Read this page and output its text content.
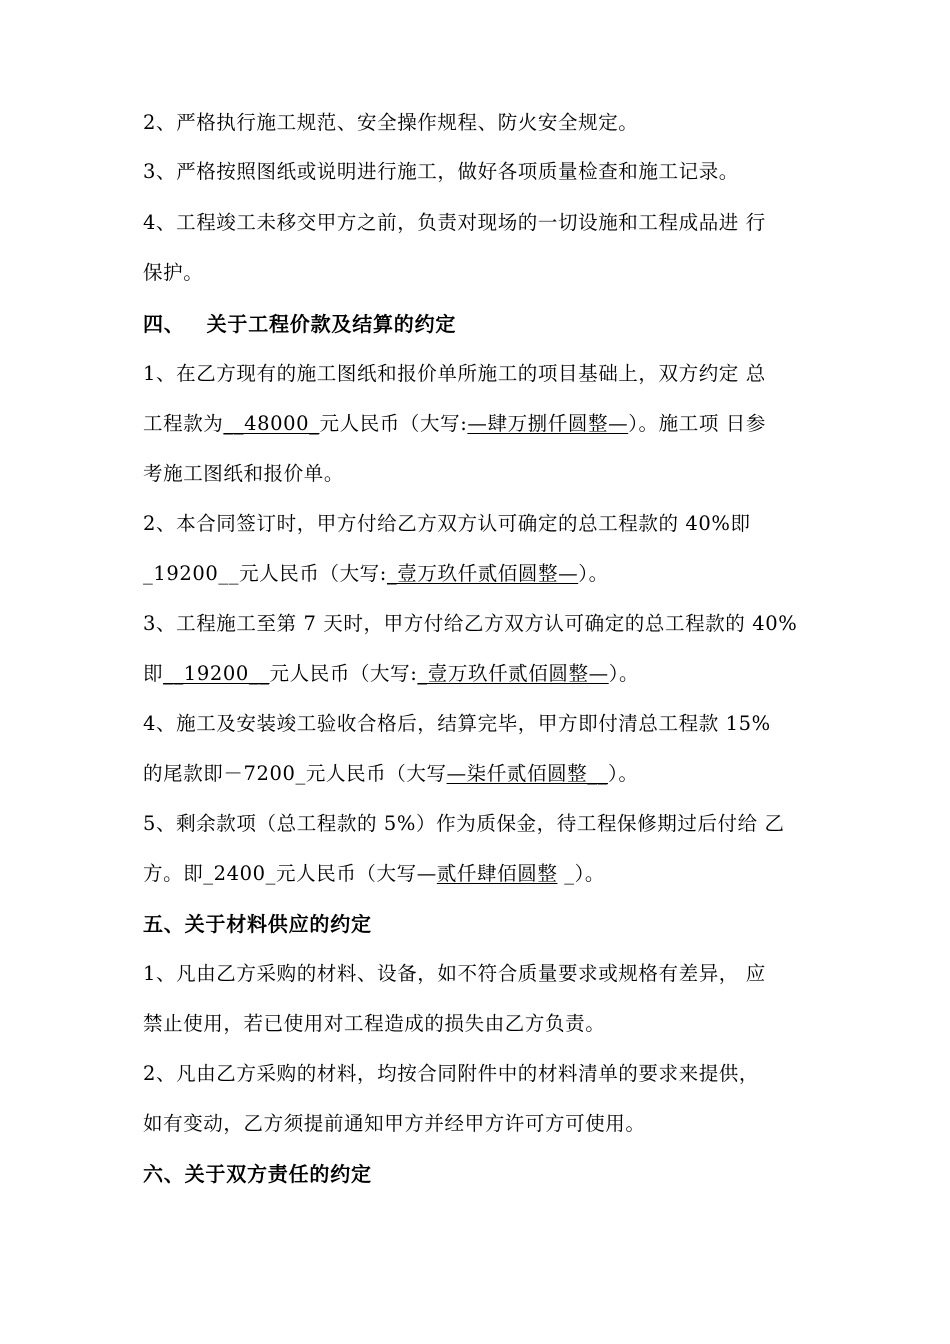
2、严格执行施工规范、安全操作规程、防火安全规定。
3、严格按照图纸或说明进行施工，做好各项质量检查和施工记录。
4、工程竣工未移交甲方之前，负责对现场的一切设施和工程成品进 行
保护。
四、 关于工程价款及结算的约定
1、在乙方现有的施工图纸和报价单所施工的项目基础上，双方约定 总
工程款为__48000_元人民币（大写:—肆万捌仟圆整—）。施工项 日参
考施工图纸和报价单。
2、本合同签订时，甲方付给乙方双方认可确定的总工程款的 40%即
_19200__元人民币（大写:_壹万玖仟贰佰圆整—）。
3、工程施工至第 7 天时，甲方付给乙方双方认可确定的总工程款的 40%
即__19200__元人民币（大写:_壹万玖仟贰佰圆整—）。
4、施工及安装竣工验收合格后，结算完毕，甲方即付清总工程款 15%
的尾款即－7200_元人民币（大写—柒仟贰佰圆整__）。
5、剩余款项（总工程款的 5%）作为质保金，待工程保修期过后付给 乙
方。即_2400_元人民币（大写—贰仟肆佰圆整 _）。
五、关于材料供应的约定
1、凡由乙方采购的材料、设备，如不符合质量要求或规格有差异， 应
禁止使用，若已使用对工程造成的损失由乙方负责。
2、凡由乙方采购的材料，均按合同附件中的材料清单的要求来提供，
如有变动，乙方须提前通知甲方并经甲方许可方可使用。
六、关于双方责任的约定
